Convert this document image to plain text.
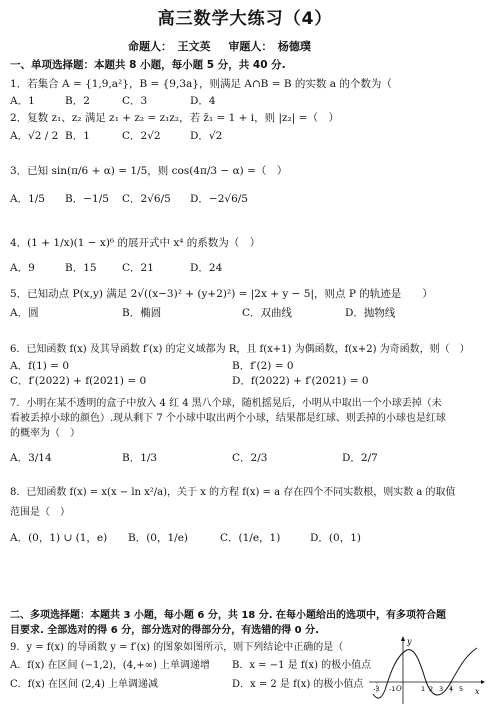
高三数学大练习（4）
命题人：　王文英 审题人：　杨德璞
一、单项选择题：本题共 8 小题，每小题 5 分，共 40 分.
1．若集合 A = {1,9,a²}，B = {9,3a}，则满足 A∩B = B 的实数 a 的个数为（
A．1	B．2	C．3	D．4
2．复数 z₁、z₂ 满足 z₁ + z₂ = z₁z₂，若 z̄₁ = 1 + i，则 |z₂| =（　）
A．√2 / 2 B．1	C．2√2	D．√2
3．已知 sin(π/6 + α) = 1/5，则 cos(4π/3 − α) =（　）
A．1/5 B．−1/5 C．2√6/5 D．−2√6/5
4．(1 + 1/x)(1 − x)⁶ 的展开式中 x⁴ 的系数为（　）
A．9	B．15 C．21	D．24
5．已知动点 P(x,y) 满足 2√((x−3)² + (y+2)²) = |2x + y − 5|，则点 P 的轨迹是　　）
A．圆	B．椭圆	C．双曲线	D．抛物线
6．已知函数 f(x) 及其导函数 f′(x) 的定义域都为 R，且 f(x+1) 为偶函数，f(x+2) 为奇函数，则（　）
A．f(1) = 0	B．f′(2) = 0
C．f′(2022) + f(2021) = 0	D．f(2022) + f′(2021) = 0
7．小明在某不透明的盒子中放入 4 红 4 黑八个球，随机摇晃后，小明从中取出一个小球丢掉（未
看被丢掉小球的颜色）.现从剩下 7 个小球中取出两个小球，结果都是红球、则丢掉的小球也是红球
的概率为（　）
A．3/14	B．1/3	C．2/3	D．2/7
8．已知函数 f(x) = x(x − ln x²/a)，关于 x 的方程 f(x) = a 存在四个不同实数根，则实数 a 的取值
范围是（　）
A．(0，1) ∪ (1，e) B．(0，1/e)	C．(1/e，1)	D．(0，1)
二、多项选择题：本题共 3 小题，每小题 6 分，共 18 分. 在每小题给出的选项中，有多项符合题
目要求. 全部选对的得 6 分，部分选对的得部分分，有选错的得 0 分.
9．y = f(x) 的导函数 y = f′(x) 的图象如图所示，则下列结论中正确的是（
A．f(x) 在区间 (−1,2)，(4,+∞) 上单调递增 B．x = −1 是 f(x) 的极小值点
C．f(x) 在区间 (2,4) 上单调递减	D．x = 2 是 f(x) 的极小值点
y
x
O
-3 -1	1 2 3 4 5
